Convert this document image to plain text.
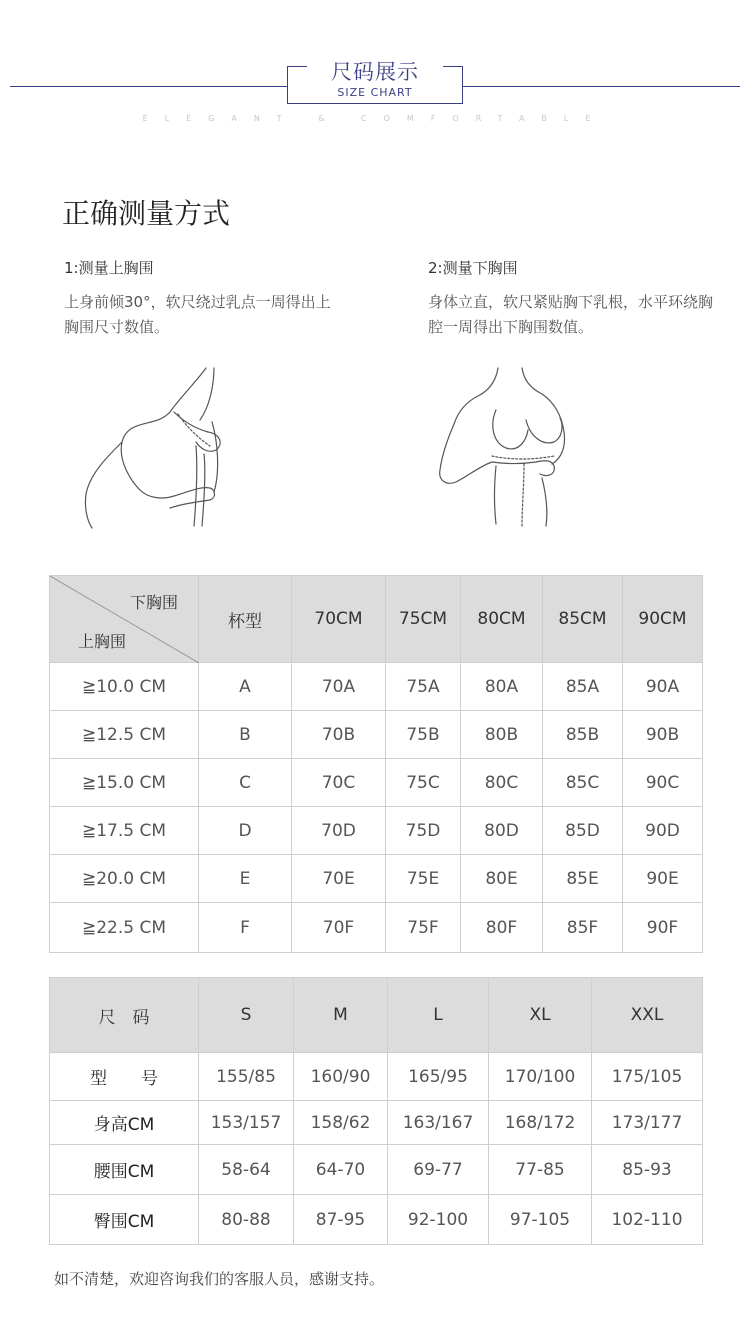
尺码展示
SIZE CHART
ELEGANT & COMFORTABLE
正确测量方式
1:测量上胸围
上身前倾30°，软尺绕过乳点一周得出上胸围尺寸数值。
2:测量下胸围
身体立直，软尺紧贴胸下乳根，水平环绕胸腔一周得出下胸围数值。
下胸围
上胸围	杯型	70CM	75CM	80CM	85CM	90CM
≧10.0 CM	A	70A	75A	80A	85A	90A
≧12.5 CM	B	70B	75B	80B	85B	90B
≧15.0 CM	C	70C	75C	80C	85C	90C
≧17.5 CM	D	70D	75D	80D	85D	90D
≧20.0 CM	E	70E	75E	80E	85E	90E
≧22.5 CM	F	70F	75F	80F	85F	90F
尺　码	S	M	L	XL	XXL
型　　号	155/85	160/90	165/95	170/100	175/105
身高CM	153/157	158/62	163/167	168/172	173/177
腰围CM	58-64	64-70	69-77	77-85	85-93
臀围CM	80-88	87-95	92-100	97-105	102-110
如不清楚，欢迎咨询我们的客服人员，感谢支持。
